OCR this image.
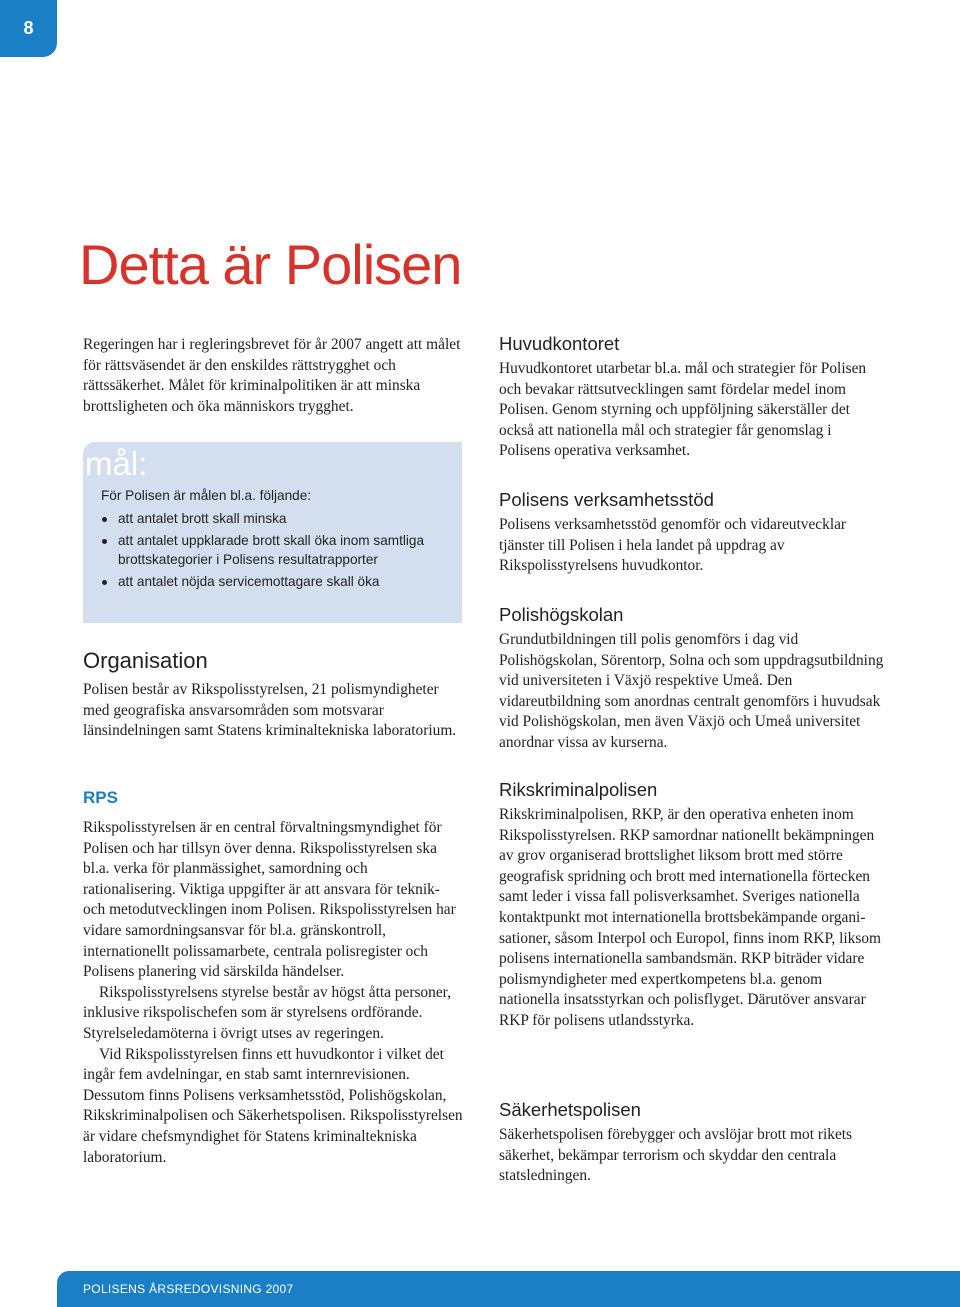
8
Detta är Polisen

Regeringen har i regleringsbrevet för år 2007 angett att målet för rättsväsendet är den enskildes rättstrygghet och rättssäkerhet. Målet för kriminalpolitiken är att minska brottsligheten och öka människors trygghet.

mål:
För Polisen är målen bl.a. följande:
att antalet brott skall minska
att antalet uppklarade brott skall öka inom samtliga brottskategorier i Polisens resultatrapporter
att antalet nöjda servicemottagare skall öka
Organisation

Polisen består av Rikspolisstyrelsen, 21 polismyndigheter med geografiska ansvarsområden som motsvarar länsindelningen samt Statens kriminaltekniska laboratorium.

RPS

Rikspolisstyrelsen är en central förvaltningsmyndighet för Polisen och har tillsyn över denna. Rikspolisstyrelsen ska bl.a. verka för planmässighet, samordning och rationalisering. Viktiga uppgifter är att ansvara för teknik- och metodutvecklingen inom Polisen. Rikspolisstyrelsen har vidare samordningsansvar för bl.a. gränskontroll, internationellt polissamarbete, centrala polisregister och Polisens planering vid särskilda händelser.

Rikspolisstyrelsens styrelse består av högst åtta personer, inklusive rikspolischefen som är styrelsens ordförande. Styrelseledamöterna i övrigt utses av regeringen.

Vid Rikspolisstyrelsen finns ett huvudkontor i vilket det ingår fem avdelningar, en stab samt internrevisionen. Dessutom finns Polisens verksamhetsstöd, Polishögskolan, Rikskriminalpolisen och Säkerhetspolisen. Rikspolisstyrelsen är vidare chefsmyndighet för Statens kriminaltekniska laboratorium.

Huvudkontoret

Huvudkontoret utarbetar bl.a. mål och strategier för Polisen och bevakar rättsutvecklingen samt fördelar medel inom Polisen. Genom styrning och uppföljning säkerställer det också att nationella mål och strategier får genomslag i Polisens operativa verksamhet.

Polisens verksamhetsstöd

Polisens verksamhetsstöd genomför och vidareutvecklar tjänster till Polisen i hela landet på uppdrag av Rikspolisstyrelsens huvudkontor.

Polishögskolan

Grundutbildningen till polis genomförs i dag vid Polishögskolan, Sörentorp, Solna och som uppdragsutbildning vid universiteten i Växjö respektive Umeå. Den vidareutbildning som anordnas centralt genomförs i huvudsak vid Polishögskolan, men även Växjö och Umeå universitet anordnar vissa av kurserna.

Rikskriminalpolisen

Rikskriminalpolisen, RKP, är den operativa enheten inom Rikspolisstyrelsen. RKP samordnar nationellt bekämpningen av grov organiserad brottslighet liksom brott med större geografisk spridning och brott med internationella förtecken samt leder i vissa fall polisverksamhet. Sveriges nationella kontaktpunkt mot internationella brottsbekämpande organisationer, såsom Interpol och Europol, finns inom RKP, liksom polisens internationella sambandsmän. RKP biträder vidare polismyndigheter med expertkompetens bl.a. genom nationella insatsstyrkan och polisflyget. Därutöver ansvarar RKP för polisens utlandsstyrka.

Säkerhetspolisen

Säkerhetspolisen förebygger och avslöjar brott mot rikets säkerhet, bekämpar terrorism och skyddar den centrala statsledningen.

POLISENS ÅRSREDOVISNING 2007
